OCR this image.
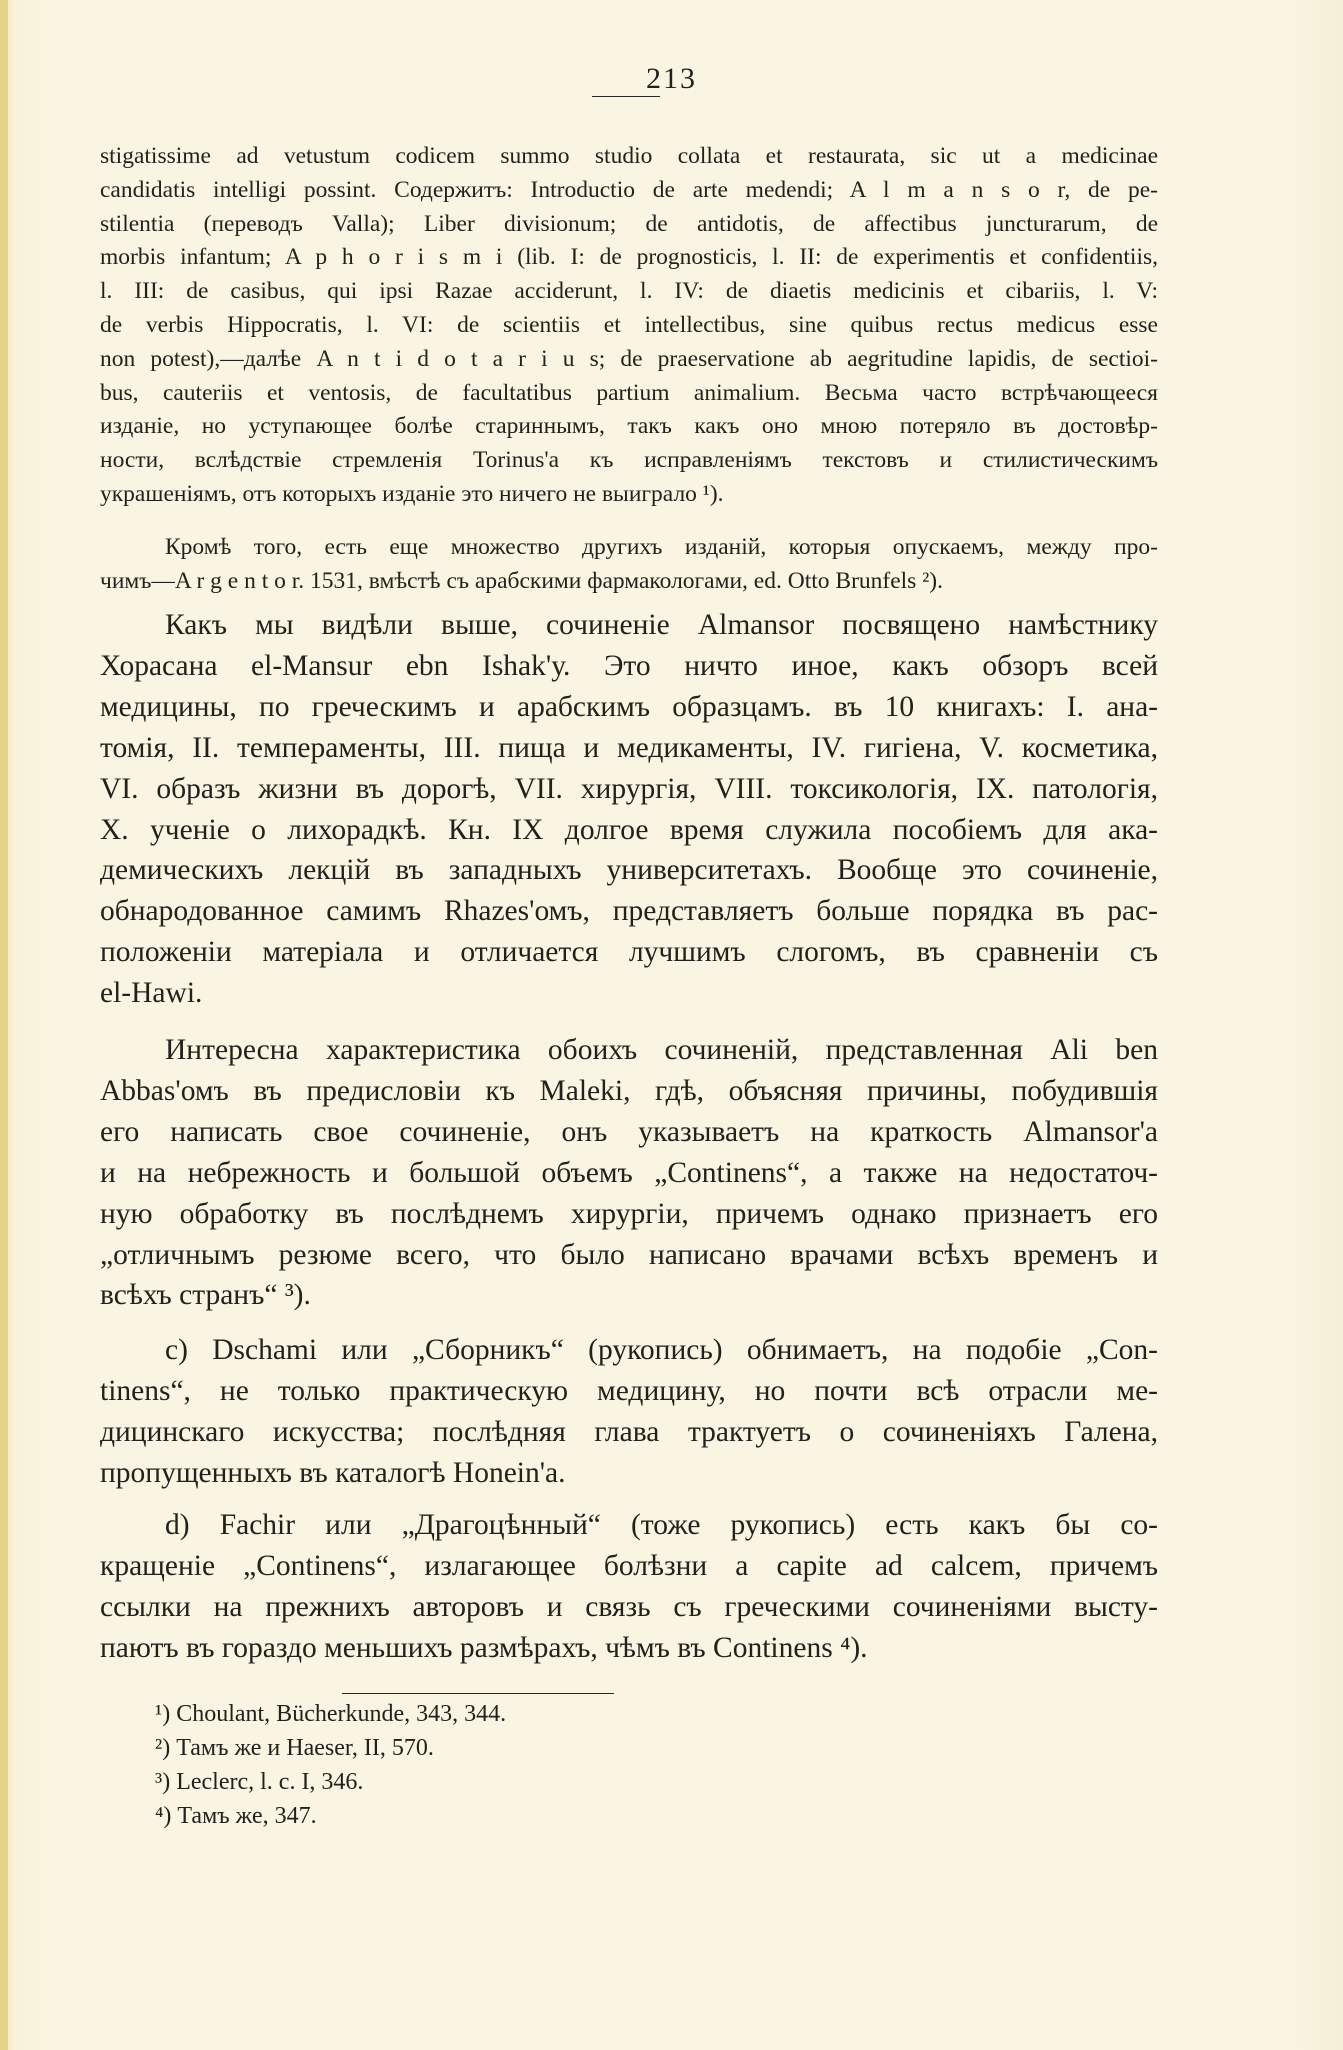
213
stigatissime ad vetustum codicem summo studio collata et restaurata, sic ut a medicinae
candidatis intelligi possint. Содержитъ: Introductio de arte medendi; A l m a n s o r, de pe-
stilentia (переводъ Valla); Liber divisionum; de antidotis, de affectibus juncturarum, de
morbis infantum; A p h o r i s m i (lib. I: de prognosticis, l. II: de experimentis et confidentiis,
l. III: de casibus, qui ipsi Razae acciderunt, l. IV: de diaetis medicinis et cibariis, l. V:
de verbis Hippocratis, l. VI: de scientiis et intellectibus, sine quibus rectus medicus esse
non potest),—далѣе A n t i d o t a r i u s; de praeservatione ab aegritudine lapidis, de sectioi-
bus, cauteriis et ventosis, de facultatibus partium animalium. Весьма часто встрѣчающееся
изданіе, но уступающее болѣе стариннымъ, такъ какъ оно мною потеряло въ достовѣр-
ности, вслѣдствіе стремленія Torinus'а къ исправленіямъ текстовъ и стилистическимъ
украшеніямъ, отъ которыхъ изданіе это ничего не выиграло ¹).
Кромѣ того, есть еще множество другихъ изданій, которыя опускаемъ, между про-
чимъ—A r g e n t o r. 1531, вмѣстѣ съ арабскими фармакологами, ed. Otto Brunfels ²).
Какъ мы видѣли выше, сочиненіе Almansor посвящено намѣстнику
Хорасана el-Mansur ebn Ishak'у. Это ничто иное, какъ обзоръ всей
медицины, по греческимъ и арабскимъ образцамъ. въ 10 книгахъ: I. ана-
томія, II. темпераменты, III. пища и медикаменты, IV. гигіена, V. косметика,
VI. образъ жизни въ дорогѣ, VII. хирургія, VIII. токсикологія, IX. патологія,
X. ученіе о лихорадкѣ. Кн. IX долгое время служила пособіемъ для ака-
демическихъ лекцій въ западныхъ университетахъ. Вообще это сочиненіе,
обнародованное самимъ Rhazes'омъ, представляетъ больше порядка въ рас-
положеніи матеріала и отличается лучшимъ слогомъ, въ сравненіи съ
el-Hawi.
Интересна характеристика обоихъ сочиненій, представленная Ali ben
Abbas'омъ въ предисловіи къ Maleki, гдѣ, объясняя причины, побудившія
его написать свое сочиненіе, онъ указываетъ на краткость Almansor'а
и на небрежность и большой объемъ „Continens“, а также на недостаточ-
ную обработку въ послѣднемъ хирургіи, причемъ однако признаетъ его
„отличнымъ резюме всего, что было написано врачами всѣхъ временъ и
всѣхъ странъ“ ³).
c) Dschami или „Сборникъ“ (рукопись) обнимаетъ, на подобіе „Con-
tinens“, не только практическую медицину, но почти всѣ отрасли ме-
дицинскаго искусства; послѣдняя глава трактуетъ о сочиненіяхъ Галена,
пропущенныхъ въ каталогѣ Honein'а.
d) Fachir или „Драгоцѣнный“ (тоже рукопись) есть какъ бы со-
кращеніе „Continens“, излагающее болѣзни a capite ad calcem, причемъ
ссылки на прежнихъ авторовъ и связь съ греческими сочиненіями высту-
паютъ въ гораздо меньшихъ размѣрахъ, чѣмъ въ Continens ⁴).
¹) Choulant, Bücherkunde, 343, 344.
²) Тамъ же и Haeser, II, 570.
³) Leclerc, l. c. I, 346.
⁴) Тамъ же, 347.
